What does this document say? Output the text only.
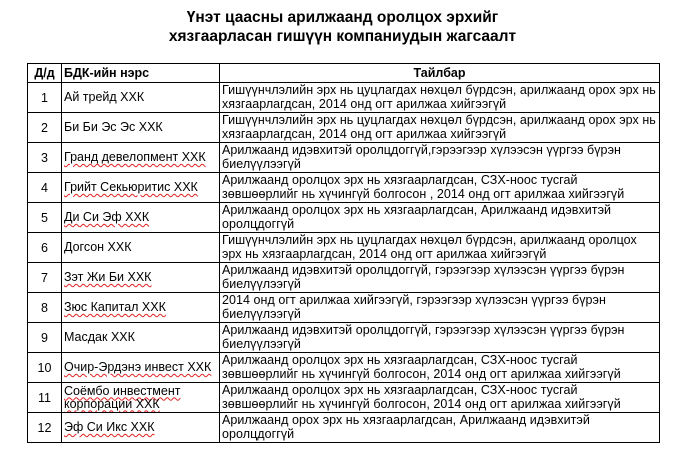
Үнэт цаасны арилжаанд оролцох эрхийг
хязгаарласан гишүүн компаниудын жагсаалт
Д/д	БДК-ийн нэрс	Тайлбар
1	Ай трейд ХХК	Гишүүнчлэлийн эрх нь цуцлагдах нөхцөл бүрдсэн, арилжаанд орох эрх нь хязгаарлагдсан, 2014 онд огт арилжаа хийгээгүй
2	Би Би Эс Эс ХХК	Гишүүнчлэлийн эрх нь цуцлагдах нөхцөл бүрдсэн, арилжаанд орох эрх нь хязгаарлагдсан, 2014 онд огт арилжаа хийгээгүй
3	Гранд девелопмент ХХК	Арилжаанд идэвхитэй оролцдоггүй,гэрээгээр хүлээсэн үүргээ бүрэн биелүүлээгүй
4	Грийт Секьюритис ХХК	Арилжаанд оролцох эрх нь хязгаарлагдсан, СЗХ-ноос тусгай зөвшөөрлийг нь хүчингүй болгосон , 2014 онд огт арилжаа хийгээгүй
5	Ди Си Эф ХХК	Арилжаанд оролцох эрх нь хязгаарлагдсан, Арилжаанд идэвхитэй оролцдоггүй
6	Догсон ХХК	Гишүүнчлэлийн эрх нь цуцлагдах нөхцөл бүрдсэн, арилжаанд оролцох эрх нь хязгаарлагдсан, 2014 онд огт арилжаа хийгээгүй
7	Зэт Жи Би ХХК	Арилжаанд идэвхитэй оролцдоггүй, гэрээгээр хүлээсэн үүргээ бүрэн биелүүлээгүй
8	Зюс Капитал ХХК	2014 онд огт арилжаа хийгээгүй, гэрээгээр хүлээсэн үүргээ бүрэн биелүүлээгүй
9	Масдак ХХК	Арилжаанд идэвхитэй оролцдоггүй, гэрээгээр хүлээсэн үүргээ бүрэн биелүүлээгүй
10	Очир-Эрдэнэ инвест ХХК	Арилжаанд оролцох эрх нь хязгаарлагдсан, СЗХ-ноос тусгай зөвшөөрлийг нь хүчингүй болгосон, 2014 онд огт арилжаа хийгээгүй
11	Соёмбо инвестмент корпорации ХХК	Арилжаанд оролцох эрх нь хязгаарлагдсан, СЗХ-ноос тусгай зөвшөөрлийг нь хүчингүй болгосон, 2014 онд огт арилжаа хийгээгүй
12	Эф Си Икс ХХК	Арилжаанд орох эрх нь хязгаарлагдсан, Арилжаанд идэвхитэй оролцдоггүй
